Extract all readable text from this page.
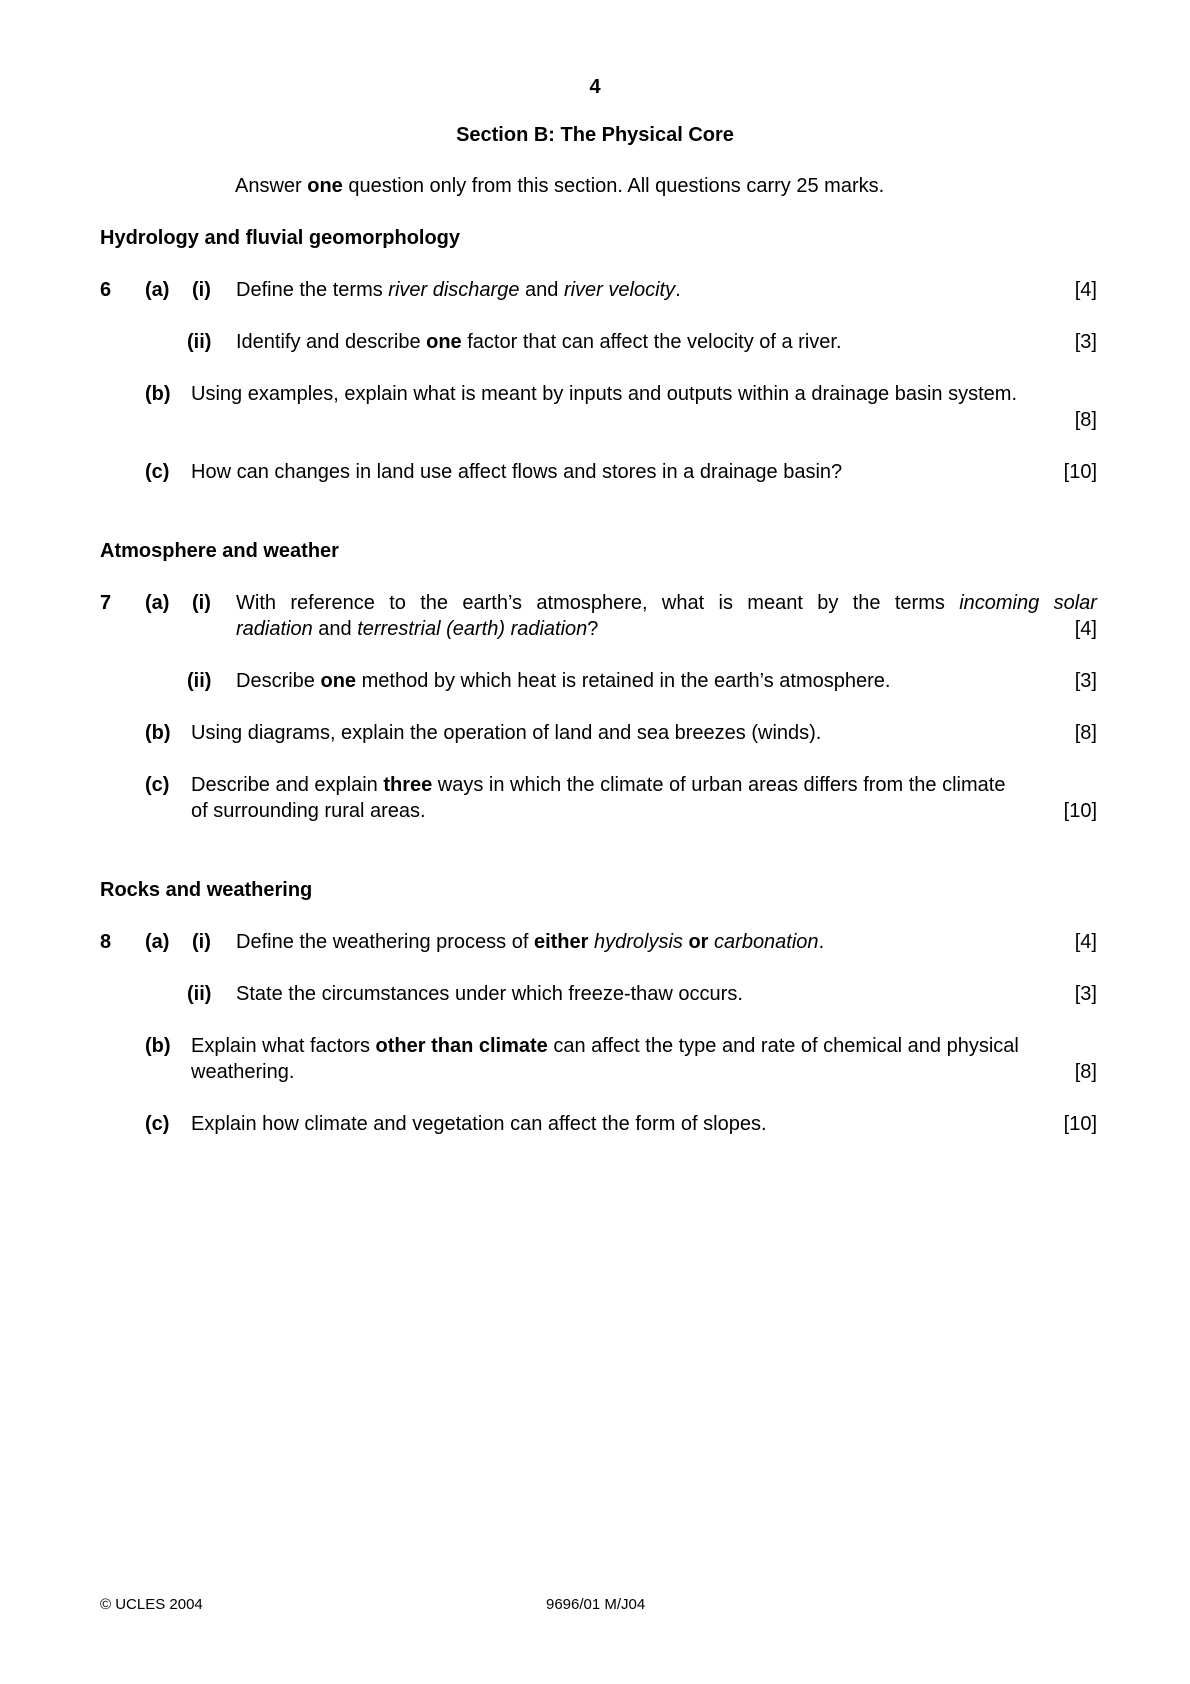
4
Section B: The Physical Core
Answer one question only from this section. All questions carry 25 marks.
Hydrology and fluvial geomorphology
6 (a) (i) Define the terms river discharge and river velocity.	[4]
(ii) Identify and describe one factor that can affect the velocity of a river.	[3]
(b) Using examples, explain what is meant by inputs and outputs within a drainage basin system.
[8]
(c) How can changes in land use affect flows and stores in a drainage basin?	[10]
Atmosphere and weather
7 (a) (i) With reference to the earth’s atmosphere, what is meant by the terms incoming solar
radiation and terrestrial (earth) radiation?	[4]
(ii) Describe one method by which heat is retained in the earth’s atmosphere.	[3]
(b) Using diagrams, explain the operation of land and sea breezes (winds).	[8]
(c) Describe and explain three ways in which the climate of urban areas differs from the climate
of surrounding rural areas.	[10]
Rocks and weathering
8 (a) (i) Define the weathering process of either hydrolysis or carbonation.	[4]
(ii) State the circumstances under which freeze-thaw occurs.	[3]
(b) Explain what factors other than climate can affect the type and rate of chemical and physical
weathering.	[8]
(c) Explain how climate and vegetation can affect the form of slopes.	[10]
© UCLES 2004	9696/01 M/J04
